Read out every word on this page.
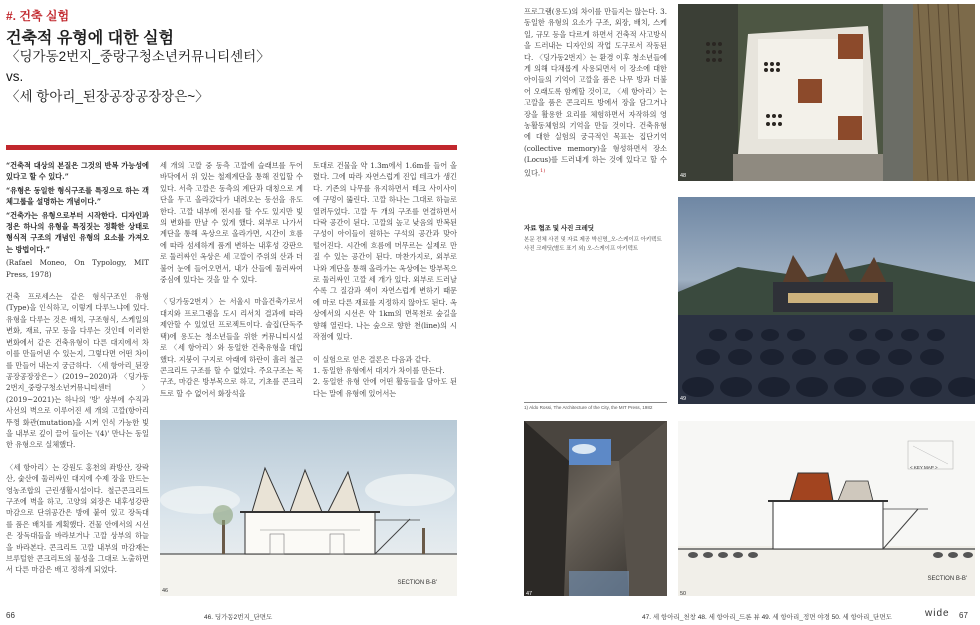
#. 건축 실험
건축적 유형에 대한 실험
〈딩가동2번지_중랑구청소년커뮤니티센터〉
vs.
〈세 항아리_된장공장공장장은~〉

“건축적 대상의 본질은 그것의 반복 가능성에 있다고 할 수 있다.”

“유형은 동일한 형식구조를 특징으로 하는 객체그룹을 설명하는 개념이다.”

“건축가는 유형으로부터 시작한다. 디자인과정은 하나의 유형을 특징짓는 정확한 상태로 형식적 구조의 개념인 유형의 요소를 가져오는 방법이다.”

(Rafael Moneo, On Typology, MIT Press, 1978)

건축 프로세스는 같은 형식구조인 유형(Type)을 인식하고, 이렇게 다루느냐에 있다. 유형을 다루는 것은 배치, 구조형식, 스케일의 변화, 재료, 규모 등을 다루는 것인데 이러한 변화에서 같은 건축유형이 다른 대지에서 차이를 만들어낸 수 있는지, 그렇다면 어떤 차이를 만들어 내는지 궁금하다. 〈세 항아리_된장공장공장장은~〉(2019~2020)과 〈딩가동2번지_중랑구청소년커뮤니티센터〉(2019~2021)는 하나의 '방' 상부에 수직과 사선의 벽으로 이루어진 세 개의 고깔(항아리 뚜껑 화관(mutation)을 시켜 인식 가능한 빛을 내부로 깊이 끌어 들이는 '(4)' 만나는 동일한 유형으로 실체했다.

〈세 항아리〉는 강원도 홍천의 좌방산, 장락산, 숯산에 둘러싸인 대지에 수제 장을 만드는 영농조합의 근린생활시설이다. 철근콘크리트 구조에 벽을 하고, 고양의 외장은 내후성강판 마감으로 단위공간은 방에 붙여 있고 장독대를 품은 배치를 계획했다. 건물 안에서의 시선은 장독대들을 바라보거나 고깔 상부의 하늘을 바라본다. 콘크리트 고깔 내부의 마감재는 브루털한 콘크리트의 물성을 그대로 노출하면서 다른 마감은 배고 정하게 되었다.

세 개의 고깔 중 동측 고깔에 슬래브를 두어 바닥에서 위 있는 철제계단을 통해 진입할 수 있다. 서측 고깔은 동측의 계단과 대칭으로 계단을 두고 올라갔다가 내려오는 동선을 유도한다. 고깔 내부에 전시를 할 수도 있지만 빛의 변화를 만날 수 있게 했다. 외부로 나가서 계단을 통해 옥상으로 올라가면, 시간이 흐름에 따라 섬세하게 품게 변하는 내후성 강판으로 둘러싸인 옥상은 세 고깔이 주위의 산과 더불어 눈에 들어오면서, 내가 산들에 둘러싸여 중심에 있다는 것을 알 수 있다.

〈딩가동2번지〉는 서울시 마을건축가로서 대지와 프로그램을 도시 리서치 결과에 따라 제안할 수 있었던 프로젝트이다. 술집(단독주택)에 용도는 청소년들을 위한 커뮤니티시설로 〈세 항아리〉와 동일한 건축유형을 대입했다. 지붕이 구지로 아래에 하란이 흘러 철근콘크리트 구조를 할 수 없었다. 주요구조는 목구조, 마감은 방부목으로 하고, 기초를 콘크리트로 할 수 없어서 화장석을

토대로 건물을 약 1.3m에서 1.6m를 들어 올렸다. 그에 따라 자연스럽게 진입 테크가 생긴다. 기존의 나무를 유지하면서 테크 사이사이에 구멍이 뚫린다. 고깔 하나는 그대로 하늘로 열려두었다. 고깔 두 개의 구조를 연결하면서 다락 공간이 된다. 고깔의 높고 낮음의 반복된 구성이 아이들이 원하는 구석의 공간과 맞아 떨어진다. 시간에 흐름에 머무르는 실제로 만질 수 있는 공간이 된다. 마찬가지로, 외부로 나와 계단을 통해 올라가는 옥상에는 방부목으로 둘러싸인 고깔 세 개가 있다. 외부로 드러날수록 그 질감과 색이 자연스럽게 변하기 때문에 마로 다른 재료를 지정하지 않아도 된다. 옥상에서의 시선은 약 1km의 면목천로 숲길을 향해 열린다. 나는 숲으로 향한 천(line)의 시작점에 있다.

이 실험으로 얻은 결론은 다음과 같다.

1. 동일한 유형에서 대지가 차이를 만든다.

2. 동일한 유형 안에 어떤 활동들을 담아도 된다는 말에 유형에 있어서는

46
SECTION B-B'
66	46. 딩가동2번지_단면도

프로그램(용도)의 차이를 만들지는 않는다. 3. 동일한 유형의 요소가 구조, 외장, 배치, 스케일, 규모 등을 다르게 하면서 건축적 사고방식을 드러내는 디자인의 작업 도구로서 작동된다. 〈딩가동2번지〉는 환경 이후 청소년들에게 의해 다채롭게 사용되면서 이 장소에 대한 아이들의 기억이 고깔을 품은 나무 방과 더불어 오래도록 함께할 것이고, 〈세 항아리〉는 고깔을 품은 콘크리트 방에서 장을 담그거나 장을 활용한 요리를 체험하면서 자작하의 영농활동체험의 기억을 만들 것이다. 건축유형에 대한 실험의 궁극적인 목표는 집단기억(collective memory)을 형성하면서 장소(Locus)를 드러내게 하는 것에 있다고 할 수 있다.$^{1)}$

자료 협조 및 사진 크레딧
본문 전체 사진 및 자료 제공 박신명_오-스케이프 아키텍트
사진 크레딧(별도 표기 외) 오-스케이프 아키텍트
1) Aldo Rossi, The Architecture of the City, the MIT Press, 1982
48
49
47
< KEY MAP >
SECTION B-B'
50
47. 세 항아리_천창 48. 세 항아리_드론 뷰 49. 세 항아리_정면 야경 50. 세 항아리_단면도	wide 67
